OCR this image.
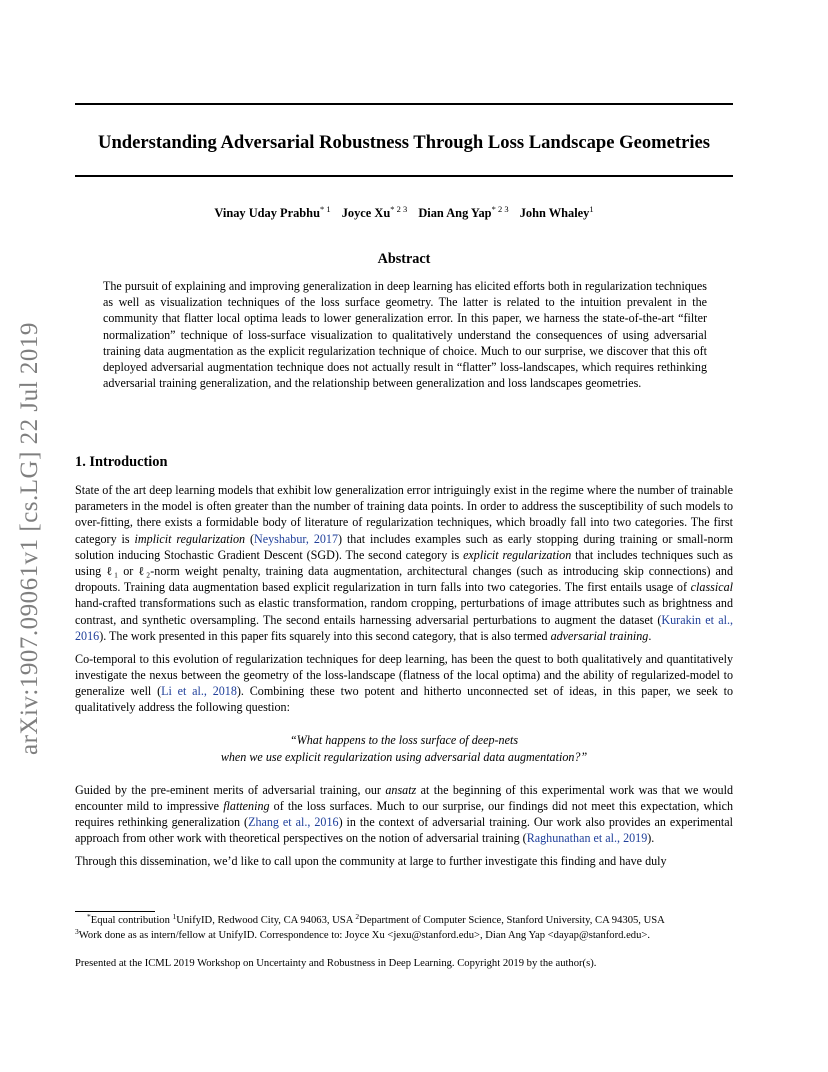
arXiv:1907.09061v1 [cs.LG] 22 Jul 2019
Understanding Adversarial Robustness Through Loss Landscape Geometries
Vinay Uday Prabhu$^{* 1}$ Joyce $Xu^{* 2 3}$ Dian Ang Yap$^{* 2 3}$ John Whaley$^1$
Abstract
The pursuit of explaining and improving generalization in deep learning has elicited efforts both in regularization techniques as well as visualization techniques of the loss surface geometry. The latter is related to the intuition prevalent in the community that flatter local optima leads to lower generalization error. In this paper, we harness the state-of-the-art “filter normalization” technique of loss-surface visualization to qualitatively understand the consequences of using adversarial training data augmentation as the explicit regularization technique of choice. Much to our surprise, we discover that this oft deployed adversarial augmentation technique does not actually result in “flatter” loss-landscapes, which requires rethinking adversarial training generalization, and the relationship between generalization and loss landscapes geometries.
1. Introduction

State of the art deep learning models that exhibit low generalization error intriguingly exist in the regime where the number of trainable parameters in the model is often greater than the number of training data points. In order to address the susceptibility of such models to over-fitting, there exists a formidable body of literature of regularization techniques, which broadly fall into two categories. The first category is implicit regularization (Neyshabur, 2017) that includes examples such as early stopping during training or small-norm solution inducing Stochastic Gradient Descent (SGD). The second category is explicit regularization that includes techniques such as using ℓ₁ or ℓ₂-norm weight penalty, training data augmentation, architectural changes (such as introducing skip connections) and dropouts. Training data augmentation based explicit regularization in turn falls into two categories. The first entails usage of classical hand-crafted transformations such as elastic transformation, random cropping, perturbations of image attributes such as brightness and contrast, and synthetic oversampling. The second entails harnessing adversarial perturbations to augment the dataset (Kurakin et al., 2016). The work presented in this paper fits squarely into this second category, that is also termed adversarial training.

Co-temporal to this evolution of regularization techniques for deep learning, has been the quest to both qualitatively and quantitatively investigate the nexus between the geometry of the loss-landscape (flatness of the local optima) and the ability of regularized-model to generalize well (Li et al., 2018). Combining these two potent and hitherto unconnected set of ideas, in this paper, we seek to qualitatively address the following question:

“What happens to the loss surface of deep-nets
when we use explicit regularization using adversarial data augmentation?”

Guided by the pre-eminent merits of adversarial training, our ansatz at the beginning of this experimental work was that we would encounter mild to impressive flattening of the loss surfaces. Much to our surprise, our findings did not meet this expectation, which requires rethinking generalization (Zhang et al., 2016) in the context of adversarial training. Our work also provides an experimental approach from other work with theoretical perspectives on the notion of adversarial training (Raghunathan et al., 2019).

Through this dissemination, we’d like to call upon the community at large to further investigate this finding and have duly

*Equal contribution $^1$UnifyID, Redwood City, CA 94063, USA $^2$Department of Computer Science, Stanford University, CA 94305, USA
$^3$Work done as as intern/fellow at UnifyID. Correspondence to: Joyce Xu <jexu@stanford.edu>, Dian Ang Yap <dayap@stanford.edu>.
Presented at the ICML 2019 Workshop on Uncertainty and Robustness in Deep Learning. Copyright 2019 by the author(s).
